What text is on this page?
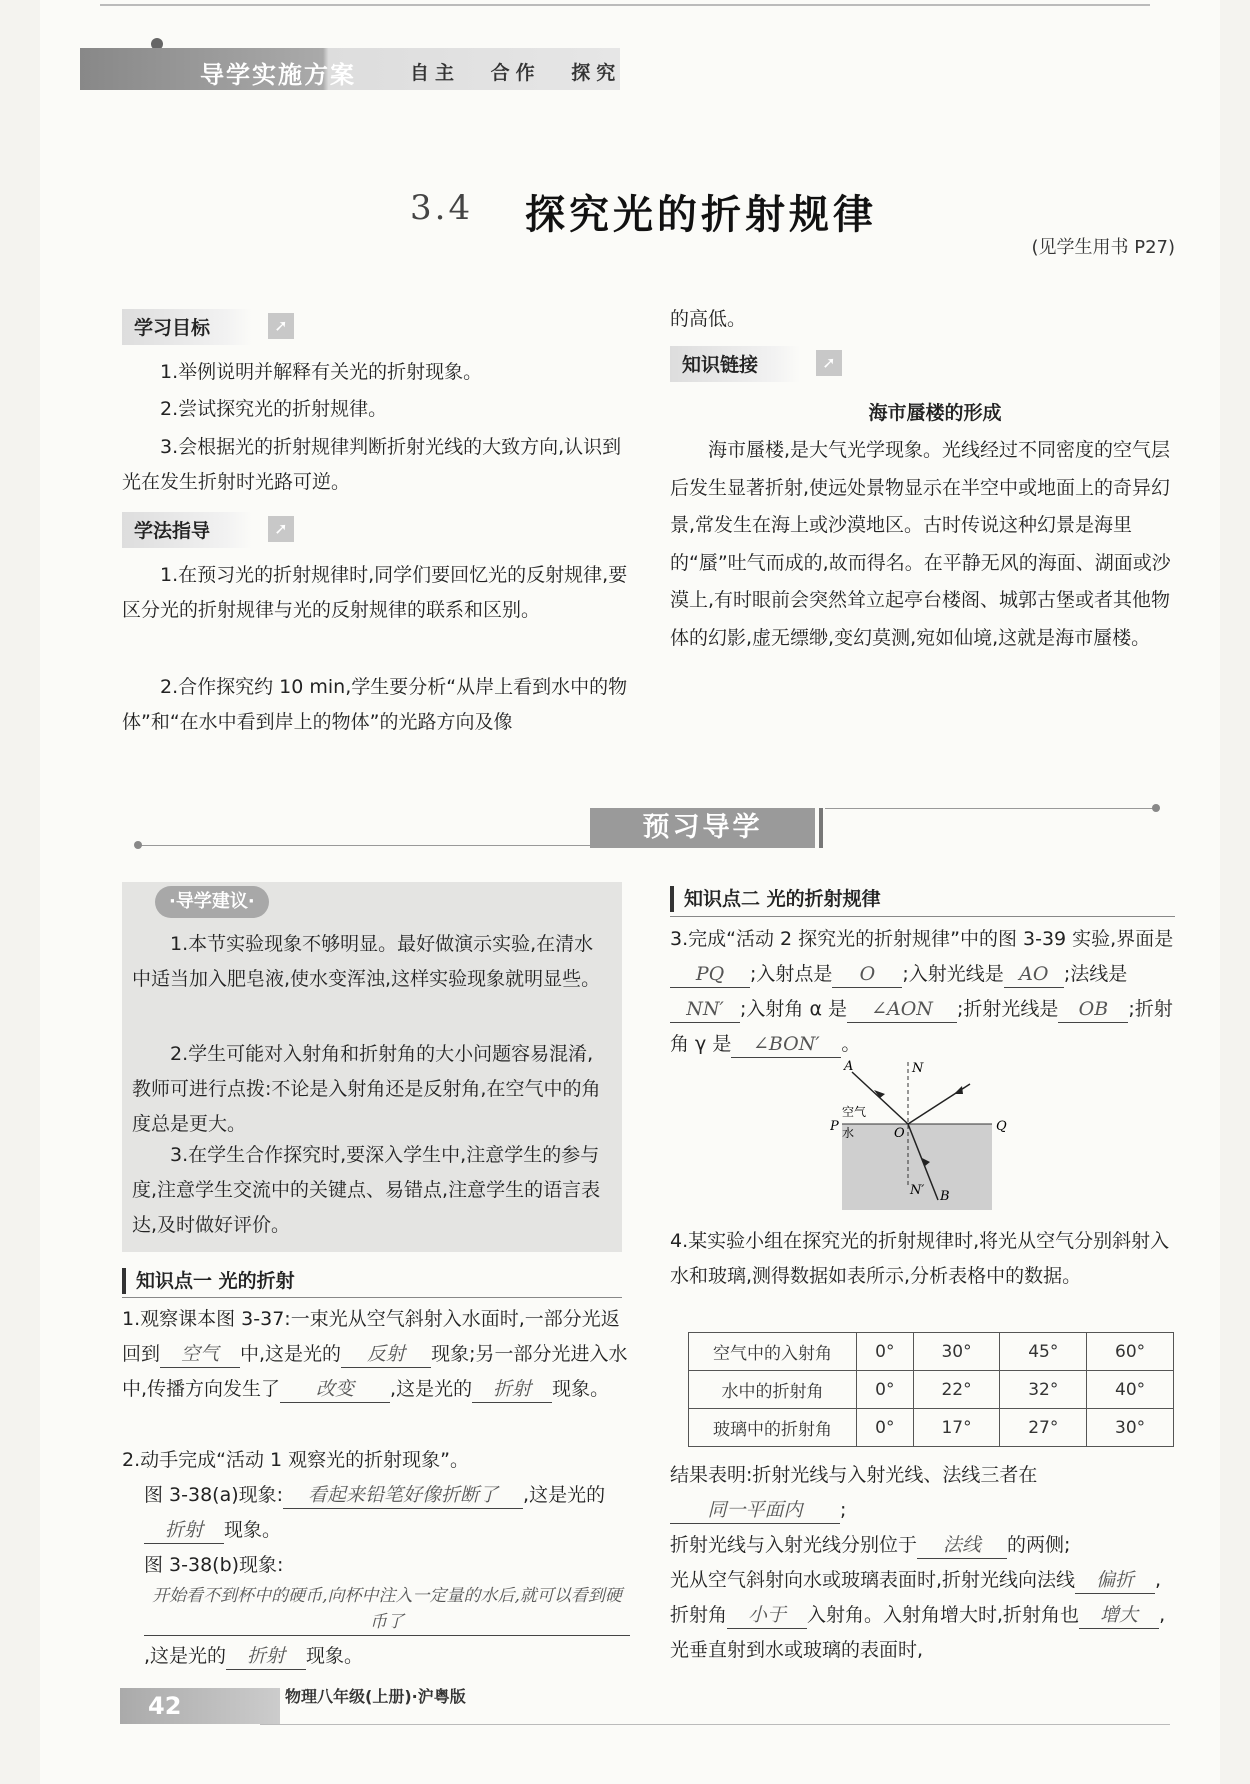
导学实施方案	自主 合作 探究
3.4 探究光的折射规律
(见学生用书 P27)
学习目标	➚
1.举例说明并解释有关光的折射现象。
2.尝试探究光的折射规律。
3.会根据光的折射规律判断折射光线的大致方向,认识到光在发生折射时光路可逆。
学法指导	➚
1.在预习光的折射规律时,同学们要回忆光的反射规律,要区分光的折射规律与光的反射规律的联系和区别。
2.合作探究约 10 min,学生要分析“从岸上看到水中的物体”和“在水中看到岸上的物体”的光路方向及像
的高低。
知识链接	➚
海市蜃楼的形成
海市蜃楼,是大气光学现象。光线经过不同密度的空气层后发生显著折射,使远处景物显示在半空中或地面上的奇异幻景,常发生在海上或沙漠地区。古时传说这种幻景是海里的“蜃”吐气而成的,故而得名。在平静无风的海面、湖面或沙漠上,有时眼前会突然耸立起亭台楼阁、城郭古堡或者其他物体的幻影,虚无缥缈,变幻莫测,宛如仙境,这就是海市蜃楼。
预习导学
·导学建议·
1.本节实验现象不够明显。最好做演示实验,在清水中适当加入肥皂液,使水变浑浊,这样实验现象就明显些。
2.学生可能对入射角和折射角的大小问题容易混淆,教师可进行点拨:不论是入射角还是反射角,在空气中的角度总是更大。
3.在学生合作探究时,要深入学生中,注意学生的参与度,注意学生交流中的关键点、易错点,注意学生的语言表达,及时做好评价。
知识点一 光的折射
1.观察课本图 3-37:一束光从空气斜射入水面时,一部分光返回到 空气 中,这是光的 反射 现象;另一部分光进入水中,传播方向发生了 改变 ,这是光的 折射 现象。
2.动手完成“活动 1 观察光的折射现象”。
图 3-38(a)现象: 看起来铅笔好像折断了 ,这是光的折射 现象。
图 3-38(b)现象:开始看不到杯中的硬币,向杯中注入一定量的水后,就可以看到硬币了,这是光的 折射 现象。
知识点二 光的折射规律
3.完成“活动 2 探究光的折射规律”中的图 3-39 实验,界面是PQ ;入射点是 O ;入射光线是 AO ;法线是NN′ ;入射角 α 是 ∠AON ;折射光线是 OB ;折射角 γ 是 ∠BON′ 。
A	N
空气
水
P	O	Q
N′ B
4.某实验小组在探究光的折射规律时,将光从空气分别斜射入水和玻璃,测得数据如表所示,分析表格中的数据。
空气中的入射角	0°	30°	45°	60°
水中的折射角	0°	22°	32°	40°
玻璃中的折射角	0°	17°	27°	30°
结果表明:折射光线与入射光线、法线三者在同一平面内 ;
折射光线与入射光线分别位于 法线 的两侧;
光从空气斜射向水或玻璃表面时,折射光线向法线 偏折 ,折射角 小于 入射角。入射角增大时,折射角也 增大 ,光垂直射到水或玻璃的表面时,
42	物理八年级(上册)·沪粤版
